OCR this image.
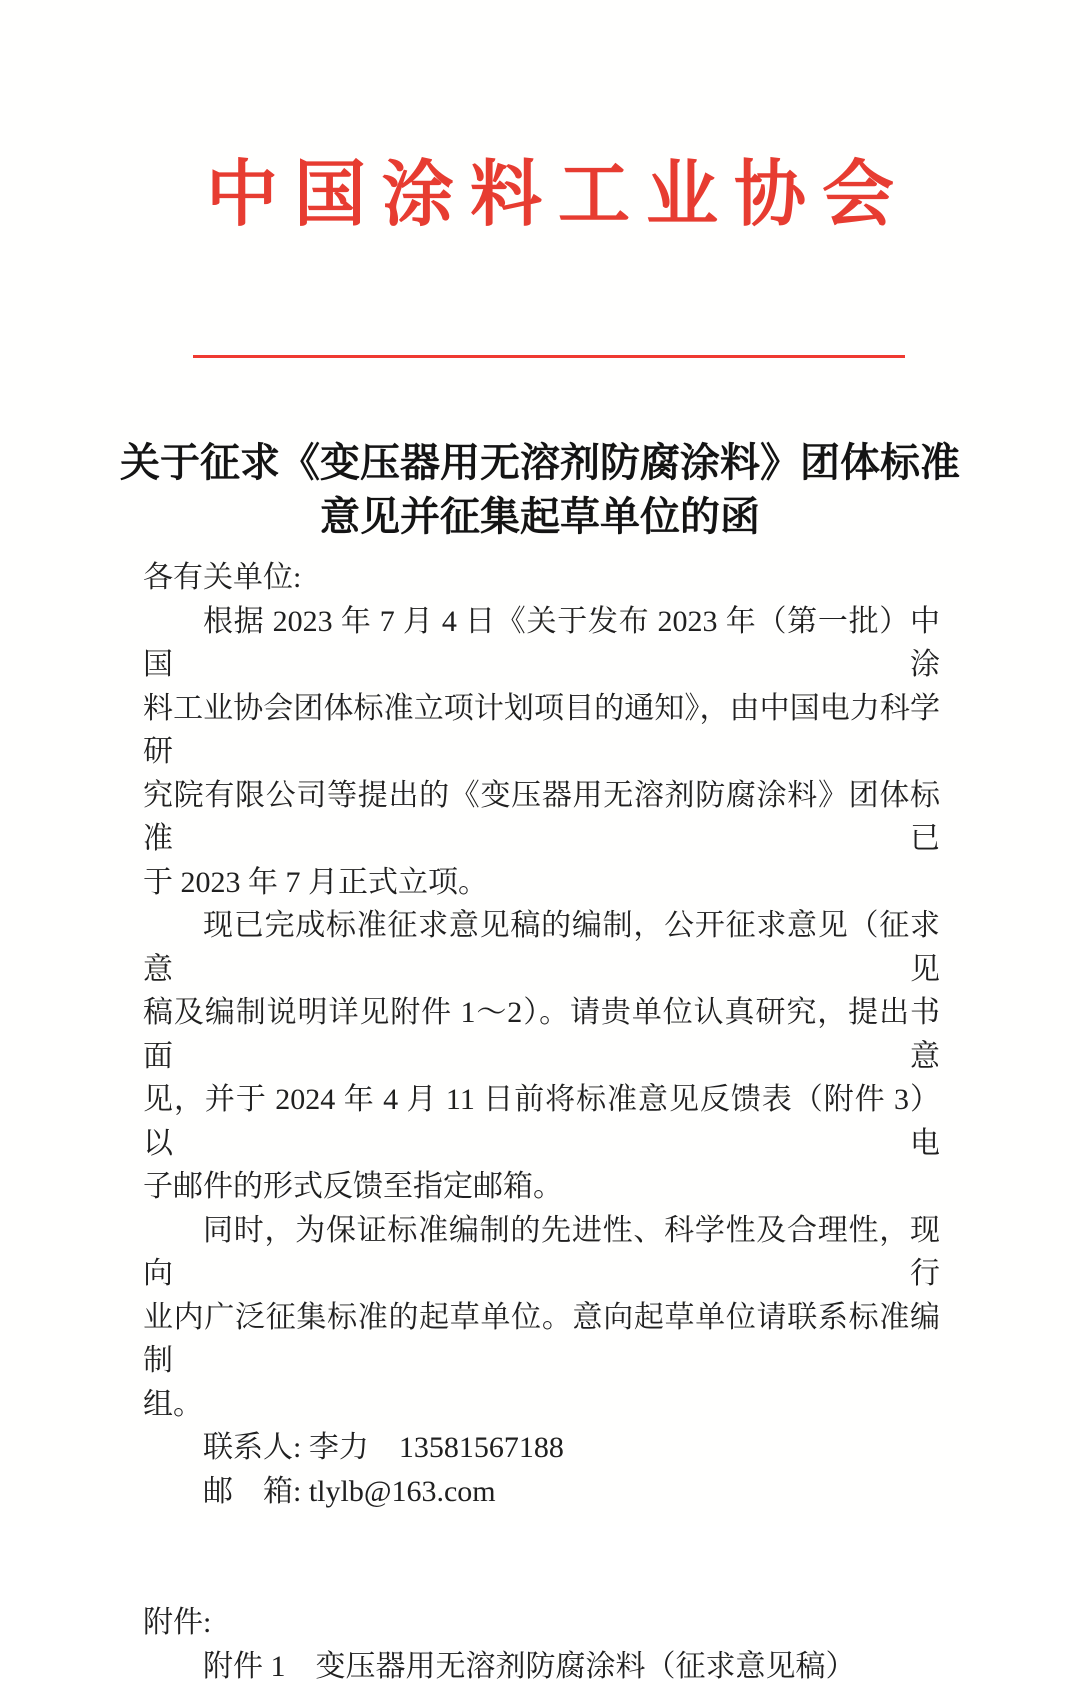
中国涂料工业协会
关于征求《变压器用无溶剂防腐涂料》团体标准
意见并征集起草单位的函
各有关单位:
根据 2023 年 7 月 4 日《关于发布 2023 年（第一批）中国涂
料工业协会团体标准立项计划项目的通知》，由中国电力科学研
究院有限公司等提出的《变压器用无溶剂防腐涂料》团体标准已
于 2023 年 7 月正式立项。
现已完成标准征求意见稿的编制，公开征求意见（征求意见
稿及编制说明详见附件 1～2）。请贵单位认真研究，提出书面意
见，并于 2024 年 4 月 11 日前将标准意见反馈表（附件 3）以电
子邮件的形式反馈至指定邮箱。
同时，为保证标准编制的先进性、科学性及合理性，现向行
业内广泛征集标准的起草单位。意向起草单位请联系标准编制
组。
联系人: 李力　13581567188
邮　箱: tlylb@163.com
附件:
附件 1　变压器用无溶剂防腐涂料（征求意见稿）
